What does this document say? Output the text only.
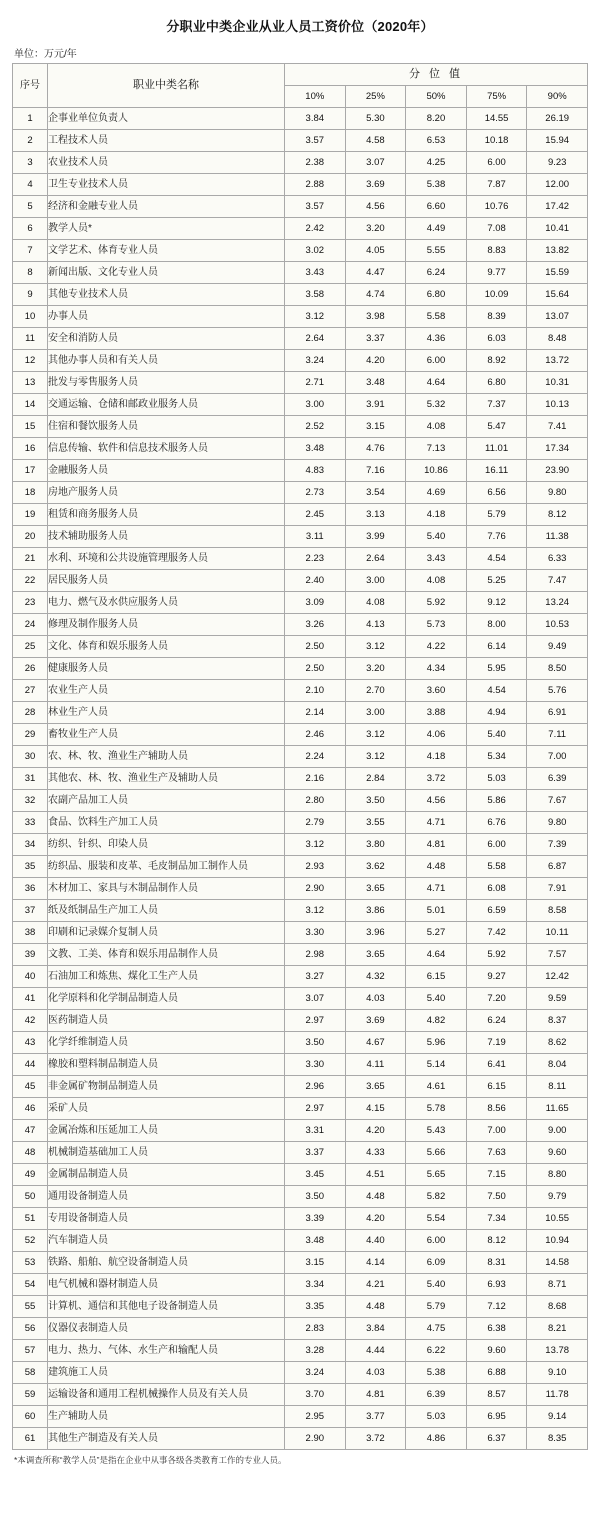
分职业中类企业从业人员工资价位（2020年）
单位：万元/年
序号	职业中类名称	分 位 值				
		10%	25%	50%	75%	90%
1	企事业单位负责人	3.84	5.30	8.20	14.55	26.19
2	工程技术人员	3.57	4.58	6.53	10.18	15.94
3	农业技术人员	2.38	3.07	4.25	6.00	9.23
4	卫生专业技术人员	2.88	3.69	5.38	7.87	12.00
5	经济和金融专业人员	3.57	4.56	6.60	10.76	17.42
6	教学人员*	2.42	3.20	4.49	7.08	10.41
7	文学艺术、体育专业人员	3.02	4.05	5.55	8.83	13.82
8	新闻出版、文化专业人员	3.43	4.47	6.24	9.77	15.59
9	其他专业技术人员	3.58	4.74	6.80	10.09	15.64
10	办事人员	3.12	3.98	5.58	8.39	13.07
11	安全和消防人员	2.64	3.37	4.36	6.03	8.48
12	其他办事人员和有关人员	3.24	4.20	6.00	8.92	13.72
13	批发与零售服务人员	2.71	3.48	4.64	6.80	10.31
14	交通运输、仓储和邮政业服务人员	3.00	3.91	5.32	7.37	10.13
15	住宿和餐饮服务人员	2.52	3.15	4.08	5.47	7.41
16	信息传输、软件和信息技术服务人员	3.48	4.76	7.13	11.01	17.34
17	金融服务人员	4.83	7.16	10.86	16.11	23.90
18	房地产服务人员	2.73	3.54	4.69	6.56	9.80
19	租赁和商务服务人员	2.45	3.13	4.18	5.79	8.12
20	技术辅助服务人员	3.11	3.99	5.40	7.76	11.38
21	水利、环境和公共设施管理服务人员	2.23	2.64	3.43	4.54	6.33
22	居民服务人员	2.40	3.00	4.08	5.25	7.47
23	电力、燃气及水供应服务人员	3.09	4.08	5.92	9.12	13.24
24	修理及制作服务人员	3.26	4.13	5.73	8.00	10.53
25	文化、体育和娱乐服务人员	2.50	3.12	4.22	6.14	9.49
26	健康服务人员	2.50	3.20	4.34	5.95	8.50
27	农业生产人员	2.10	2.70	3.60	4.54	5.76
28	林业生产人员	2.14	3.00	3.88	4.94	6.91
29	畜牧业生产人员	2.46	3.12	4.06	5.40	7.11
30	农、林、牧、渔业生产辅助人员	2.24	3.12	4.18	5.34	7.00
31	其他农、林、牧、渔业生产及辅助人员	2.16	2.84	3.72	5.03	6.39
32	农副产品加工人员	2.80	3.50	4.56	5.86	7.67
33	食品、饮料生产加工人员	2.79	3.55	4.71	6.76	9.80
34	纺织、针织、印染人员	3.12	3.80	4.81	6.00	7.39
35	纺织品、服装和皮革、毛皮制品加工制作人员	2.93	3.62	4.48	5.58	6.87
36	木材加工、家具与木制品制作人员	2.90	3.65	4.71	6.08	7.91
37	纸及纸制品生产加工人员	3.12	3.86	5.01	6.59	8.58
38	印刷和记录媒介复制人员	3.30	3.96	5.27	7.42	10.11
39	文教、工美、体育和娱乐用品制作人员	2.98	3.65	4.64	5.92	7.57
40	石油加工和炼焦、煤化工生产人员	3.27	4.32	6.15	9.27	12.42
41	化学原料和化学制品制造人员	3.07	4.03	5.40	7.20	9.59
42	医药制造人员	2.97	3.69	4.82	6.24	8.37
43	化学纤维制造人员	3.50	4.67	5.96	7.19	8.62
44	橡胶和塑料制品制造人员	3.30	4.11	5.14	6.41	8.04
45	非金属矿物制品制造人员	2.96	3.65	4.61	6.15	8.11
46	采矿人员	2.97	4.15	5.78	8.56	11.65
47	金属冶炼和压延加工人员	3.31	4.20	5.43	7.00	9.00
48	机械制造基础加工人员	3.37	4.33	5.66	7.63	9.60
49	金属制品制造人员	3.45	4.51	5.65	7.15	8.80
50	通用设备制造人员	3.50	4.48	5.82	7.50	9.79
51	专用设备制造人员	3.39	4.20	5.54	7.34	10.55
52	汽车制造人员	3.48	4.40	6.00	8.12	10.94
53	铁路、船舶、航空设备制造人员	3.15	4.14	6.09	8.31	14.58
54	电气机械和器材制造人员	3.34	4.21	5.40	6.93	8.71
55	计算机、通信和其他电子设备制造人员	3.35	4.48	5.79	7.12	8.68
56	仪器仪表制造人员	2.83	3.84	4.75	6.38	8.21
57	电力、热力、气体、水生产和输配人员	3.28	4.44	6.22	9.60	13.78
58	建筑施工人员	3.24	4.03	5.38	6.88	9.10
59	运输设备和通用工程机械操作人员及有关人员	3.70	4.81	6.39	8.57	11.78
60	生产辅助人员	2.95	3.77	5.03	6.95	9.14
61	其他生产制造及有关人员	2.90	3.72	4.86	6.37	8.35
*本调查所称“教学人员”是指在企业中从事各级各类教育工作的专业人员。
